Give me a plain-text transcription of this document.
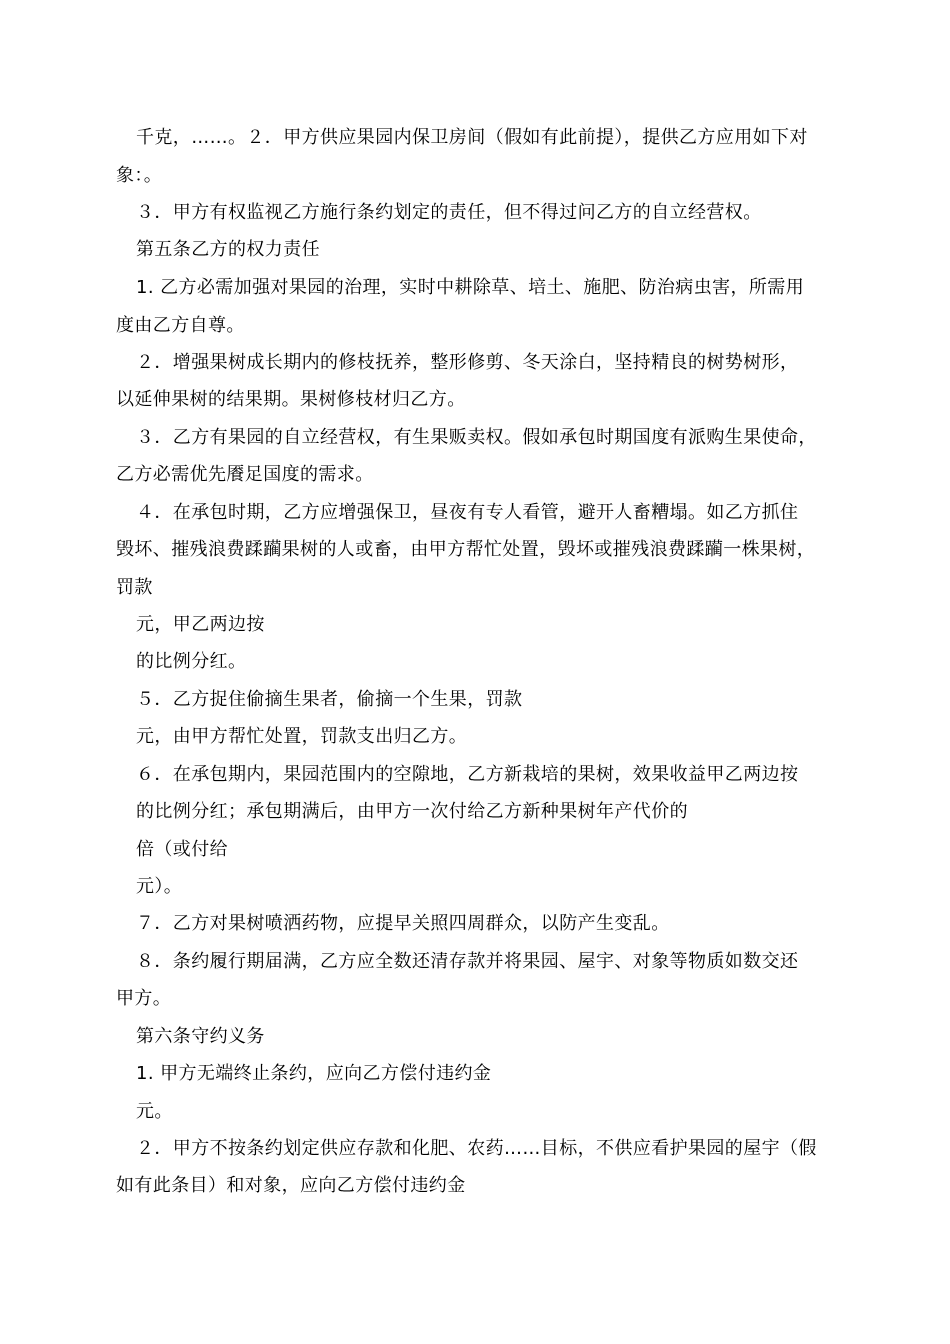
千克，……。２．甲方供应果园内保卫房间（假如有此前提），提供乙方应用如下对
象：。
３．甲方有权监视乙方施行条约划定的责任，但不得过问乙方的自立经营权。
第五条乙方的权力责任
1. 乙方必需加强对果园的治理，实时中耕除草、培土、施肥、防治病虫害，所需用
度由乙方自尊。
２．增强果树成长期内的修枝抚养，整形修剪、冬天涂白，坚持精良的树势树形，
以延伸果树的结果期。果树修枝材归乙方。
３．乙方有果园的自立经营权，有生果贩卖权。假如承包时期国度有派购生果使命，
乙方必需优先餍足国度的需求。
４．在承包时期，乙方应增强保卫，昼夜有专人看管，避开人畜糟塌。如乙方抓住
毁坏、摧残浪费蹂躏果树的人或畜，由甲方帮忙处置，毁坏或摧残浪费蹂躏一株果树，
罚款
元，甲乙两边按
的比例分红。
５．乙方捉住偷摘生果者，偷摘一个生果，罚款
元，由甲方帮忙处置，罚款支出归乙方。
６．在承包期内，果园范围内的空隙地，乙方新栽培的果树，效果收益甲乙两边按
的比例分红；承包期满后，由甲方一次付给乙方新种果树年产代价的
倍（或付给
元）。
７．乙方对果树喷洒药物，应提早关照四周群众，以防产生变乱。
８．条约履行期届满，乙方应全数还清存款并将果园、屋宇、对象等物质如数交还
甲方。
第六条守约义务
1. 甲方无端终止条约，应向乙方偿付违约金
元。
２．甲方不按条约划定供应存款和化肥、农药……目标，不供应看护果园的屋宇（假
如有此条目）和对象，应向乙方偿付违约金
